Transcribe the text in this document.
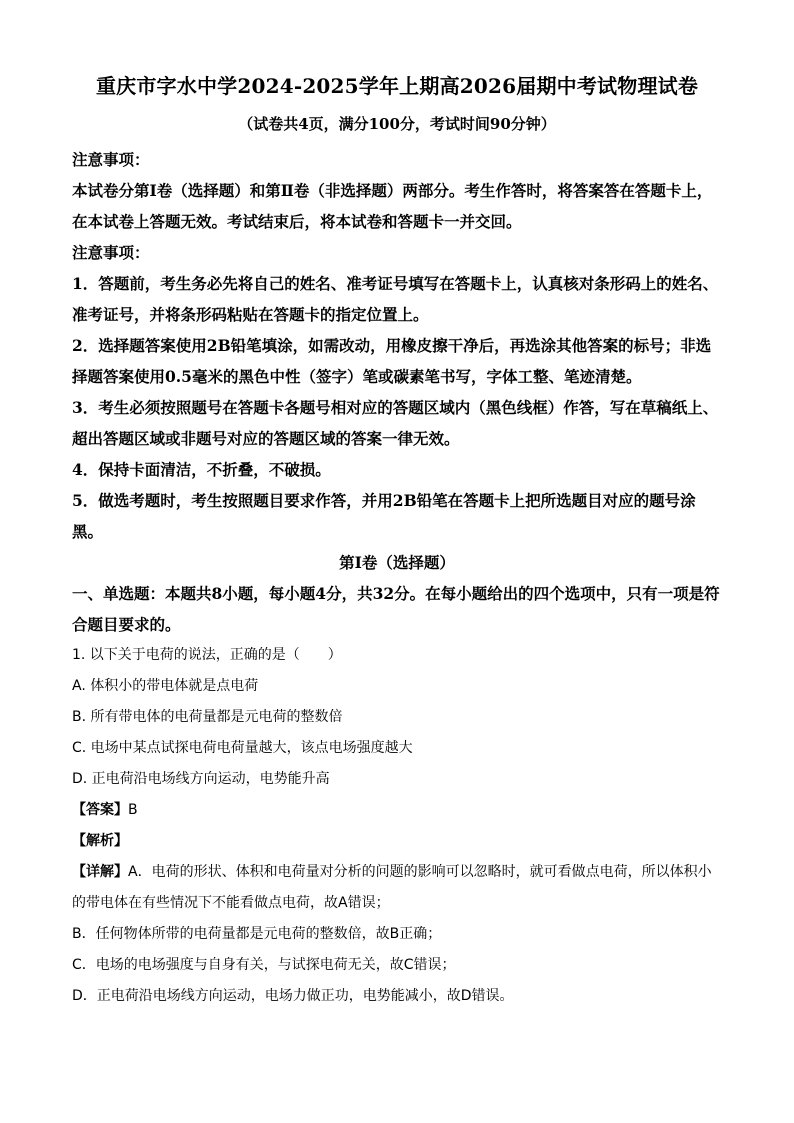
重庆市字水中学2024-2025学年上期高2026届期中考试物理试卷

（试卷共4页，满分100分，考试时间90分钟）

注意事项：

本试卷分第Ⅰ卷（选择题）和第Ⅱ卷（非选择题）两部分。考生作答时，将答案答在答题卡上，在本试卷上答题无效。考试结束后，将本试卷和答题卡一并交回。

注意事项：

1．答题前，考生务必先将自己的姓名、准考证号填写在答题卡上，认真核对条形码上的姓名、准考证号，并将条形码粘贴在答题卡的指定位置上。

2．选择题答案使用2B铅笔填涂，如需改动，用橡皮擦干净后，再选涂其他答案的标号；非选择题答案使用0.5毫米的黑色中性（签字）笔或碳素笔书写，字体工整、笔迹清楚。

3．考生必须按照题号在答题卡各题号相对应的答题区域内（黑色线框）作答，写在草稿纸上、超出答题区域或非题号对应的答题区域的答案一律无效。

4．保持卡面清洁，不折叠，不破损。

5．做选考题时，考生按照题目要求作答，并用2B铅笔在答题卡上把所选题目对应的题号涂黑。

第Ⅰ卷（选择题）

一、单选题：本题共8小题，每小题4分，共32分。在每小题给出的四个选项中，只有一项是符合题目要求的。

1. 以下关于电荷的说法，正确的是（　　）

A. 体积小的带电体就是点电荷

B. 所有带电体的电荷量都是元电荷的整数倍

C. 电场中某点试探电荷电荷量越大，该点电场强度越大

D. 正电荷沿电场线方向运动，电势能升高

【答案】B

【解析】

【详解】A．电荷的形状、体积和电荷量对分析的问题的影响可以忽略时，就可看做点电荷，所以体积小的带电体在有些情况下不能看做点电荷，故A错误；

B．任何物体所带的电荷量都是元电荷的整数倍，故B正确；

C．电场的电场强度与自身有关，与试探电荷无关，故C错误；

D．正电荷沿电场线方向运动，电场力做正功，电势能减小，故D错误。
